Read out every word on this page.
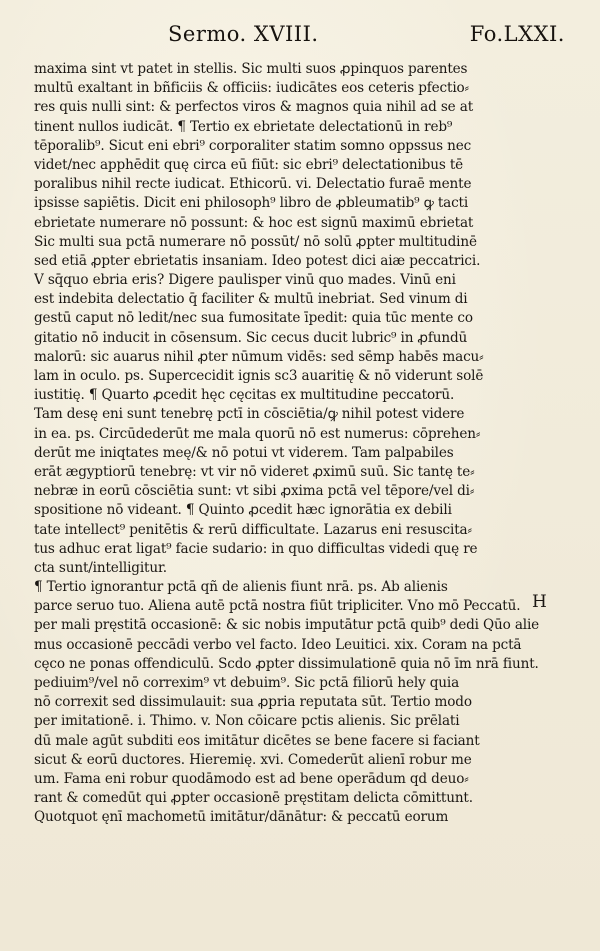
Sermo. XVIII.	Fo.LXXI.
maxima sint vt patet in stellis. Sic multi suos ꝓpinquos parentes
multū exaltant in bñficiis & officiis: iudicātes eos ceteris pfectio⸗
res quis nulli sint: & perfectos viros & magnos quia nihil ad se at
tinent nullos iudicāt. ¶ Tertio ex ebrietate delectationū in reb⁹
tēporalib⁹. Sicut eni ebri⁹ corporaliter statim somno oppssus nec
videt/nec apphēdit quę circa eū fiūt: sic ebri⁹ delectationibus tē
poralibus nihil recte iudicat. Ethicorū. vi. Delectatio furaē mente
ipsisse sapiētis. Dicit eni philosoph⁹ libro de ꝓbleumatib⁹ ꝙ tacti
ebrietate numerare nō possunt: & hoc est signū maximū ebrietat
Sic multi sua pctā numerare nō possūt/ nō solū ꝓpter multitudinē
sed etiā ꝓpter ebrietatis insaniam. Ideo potest dici aiæ peccatrici.
V sq̄quo ebria eris? Digere paulisper vinū quo mades. Vinū eni
est indebita delectatio q̄ faciliter & multū inebriat. Sed vinum di
gestū caput nō ledit/nec sua fumositate īpedit: quia tūc mente co
gitatio nō inducit in cōsensum. Sic cecus ducit lubric⁹ in ꝓfundū
malorū: sic auarus nihil ꝓter nūmum vidēs: sed sēmp habēs macu⸗
lam in oculo. ps. Supercecidit ignis sc3 auaritię & nō viderunt solē
iustitię. ¶ Quarto ꝓcedit hęc cęcitas ex multitudine peccatorū.
Tam desę eni sunt tenebrę pctī in cōsciētia/ꝙ nihil potest videre
in ea. ps. Circūdederūt me mala quorū nō est numerus: cōprehen⸗
derūt me iniqtates meę/& nō potui vt viderem. Tam palpabiles
erāt ægyptiorū tenebrę: vt vir nō videret ꝓximū suū. Sic tantę te⸗
nebræ in eorū cōsciētia sunt: vt sibi ꝓxima pctā vel tēpore/vel di⸗
spositione nō videant. ¶ Quinto ꝓcedit hæc ignorātia ex debili
tate intellect⁹ penitētis & rerū difficultate. Lazarus eni resuscita⸗
tus adhuc erat ligat⁹ facie sudario: in quo difficultas videdi quę re
cta sunt/intelligitur.
¶ Tertio ignorantur pctā qñ de alienis fiunt nrā. ps. Ab alienis
parce seruo tuo. Aliena autē pctā nostra fiūt tripliciter. Vno mō Peccatū.
per mali pręstitā occasionē: & sic nobis imputātur pctā quib⁹ dedi Qūo alie
mus occasionē peccādi verbo vel facto. Ideo Leuitici. xix. Coram na pctā
cęco ne ponas offendiculū. Scdo ꝓpter dissimulationē quia nō īm nrā fiunt.
pediuim⁹/vel nō correxim⁹ vt debuim⁹. Sic pctā filiorū hely quia
nō correxit sed dissimulauit: sua ꝓpria reputata sūt. Tertio modo
per imitationē. i. Thimo. v. Non cōicare pctis alienis. Sic prēlati
dū male agūt subditi eos imitātur dicētes se bene facere si faciant
sicut & eorū ductores. Hieremię. xvi. Comederūt alienī robur me
um. Fama eni robur quodāmodo est ad bene operādum qd deuo⸗
rant & comedūt qui ꝓpter occasionē pręstitam delicta cōmittunt.
Quotquot ęnī machometū imitātur/dānātur: & peccatū eorum
H
